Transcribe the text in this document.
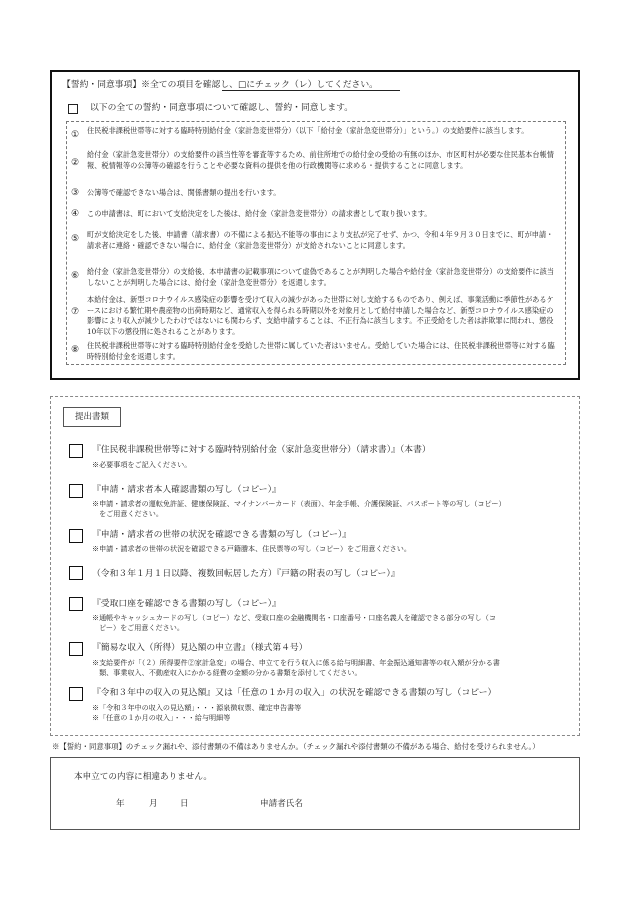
【誓約・同意事項】※全ての項目を確認し、□にチェック（レ）してください。
以下の全ての誓約・同意事項について確認し、誓約・同意します。
①	住民税非課税世帯等に対する臨時特別給付金（家計急変世帯分）（以下「給付金（家計急変世帯分）」という。）の支給要件に該当します。
②
給付金（家計急変世帯分）の支給要件の該当性等を審査等するため、前住所地での給付金の受給の有無のほか、市区町村が必要な住民基本台帳情報、税情報等の公簿等の確認を行うことや必要な資料の提供を他の行政機関等に求める・提供することに同意します。
③	公簿等で確認できない場合は、関係書類の提出を行います。
④	この申請書は、町において支給決定をした後は、給付金（家計急変世帯分）の請求書として取り扱います。
⑤	町が支給決定をした後、申請書（請求書）の不備による振込不能等の事由により支払が完了せず、かつ、令和４年９月３０日までに、町が申請・請求者に連絡・確認できない場合に、給付金（家計急変世帯分）が支給されないことに同意します。
⑥	給付金（家計急変世帯分）の支給後、本申請書の記載事項について虚偽であることが判明した場合や給付金（家計急変世帯分）の支給要件に該当しないことが判明した場合には、給付金（家計急変世帯分）を返還します。
⑦
本給付金は、新型コロナウイルス感染症の影響を受けて収入の減少があった世帯に対し支給するものであり、例えば、事業活動に季節性があるケースにおける繁忙期や農産物の出荷時期など、通常収入を得られる時期以外を対象月として給付申請した場合など、新型コロナウイルス感染症の影響により収入が減少したわけではないにも関わらず、支給申請することは、不正行為に該当します。不正受給をした者は詐欺罪に問われ、懲役10年以下の懲役刑に処されることがあります。
⑧	住民税非課税世帯等に対する臨時特別給付金を受給した世帯に属していた者はいません。受給していた場合には、住民税非課税世帯等に対する臨時特別給付金を返還します。
提出書類
『住民税非課税世帯等に対する臨時特別給付金（家計急変世帯分）（請求書）』（本書）
※必要事項をご記入ください。
『申請・請求者本人確認書類の写し（コピー）』
※申請・請求者の運転免許証、健康保険証、マイナンバーカード（表面）、年金手帳、介護保険証、パスポート等の写し（コピー）
　をご用意ください。
『申請・請求者の世帯の状況を確認できる書類の写し（コピー）』
※申請・請求者の世帯の状況を確認できる戸籍謄本、住民票等の写し（コピー）をご用意ください。
（令和３年１月１日以降、複数回転居した方）『戸籍の附表の写し（コピー）』
『受取口座を確認できる書類の写し（コピー）』
※通帳やキャッシュカードの写し（コピー）など、受取口座の金融機関名・口座番号・口座名義人を確認できる部分の写し（コ
　ピー）をご用意ください。
『簡易な収入（所得）見込額の申立書』（様式第４号）
※支給要件が「（２）所得要件②家計急変」の場合、申立てを行う収入に係る給与明細書、年金振込通知書等の収入額が分かる書
　類、事業収入、不動産収入にかかる経費の金額の分かる書類を添付してください。
『令和３年中の収入の見込額』又は「任意の１か月の収入」の状況を確認できる書類の写し（コピー）
※「令和３年中の収入の見込額」・・・源泉徴収票、確定申告書等
※「任意の１か月の収入」・・・給与明細等
※【誓約・同意事項】のチェック漏れや、添付書類の不備はありませんか。（チェック漏れや添付書類の不備がある場合、給付を受けられません。）
本申立ての内容に相違ありません。
年	月	日	申請者氏名
